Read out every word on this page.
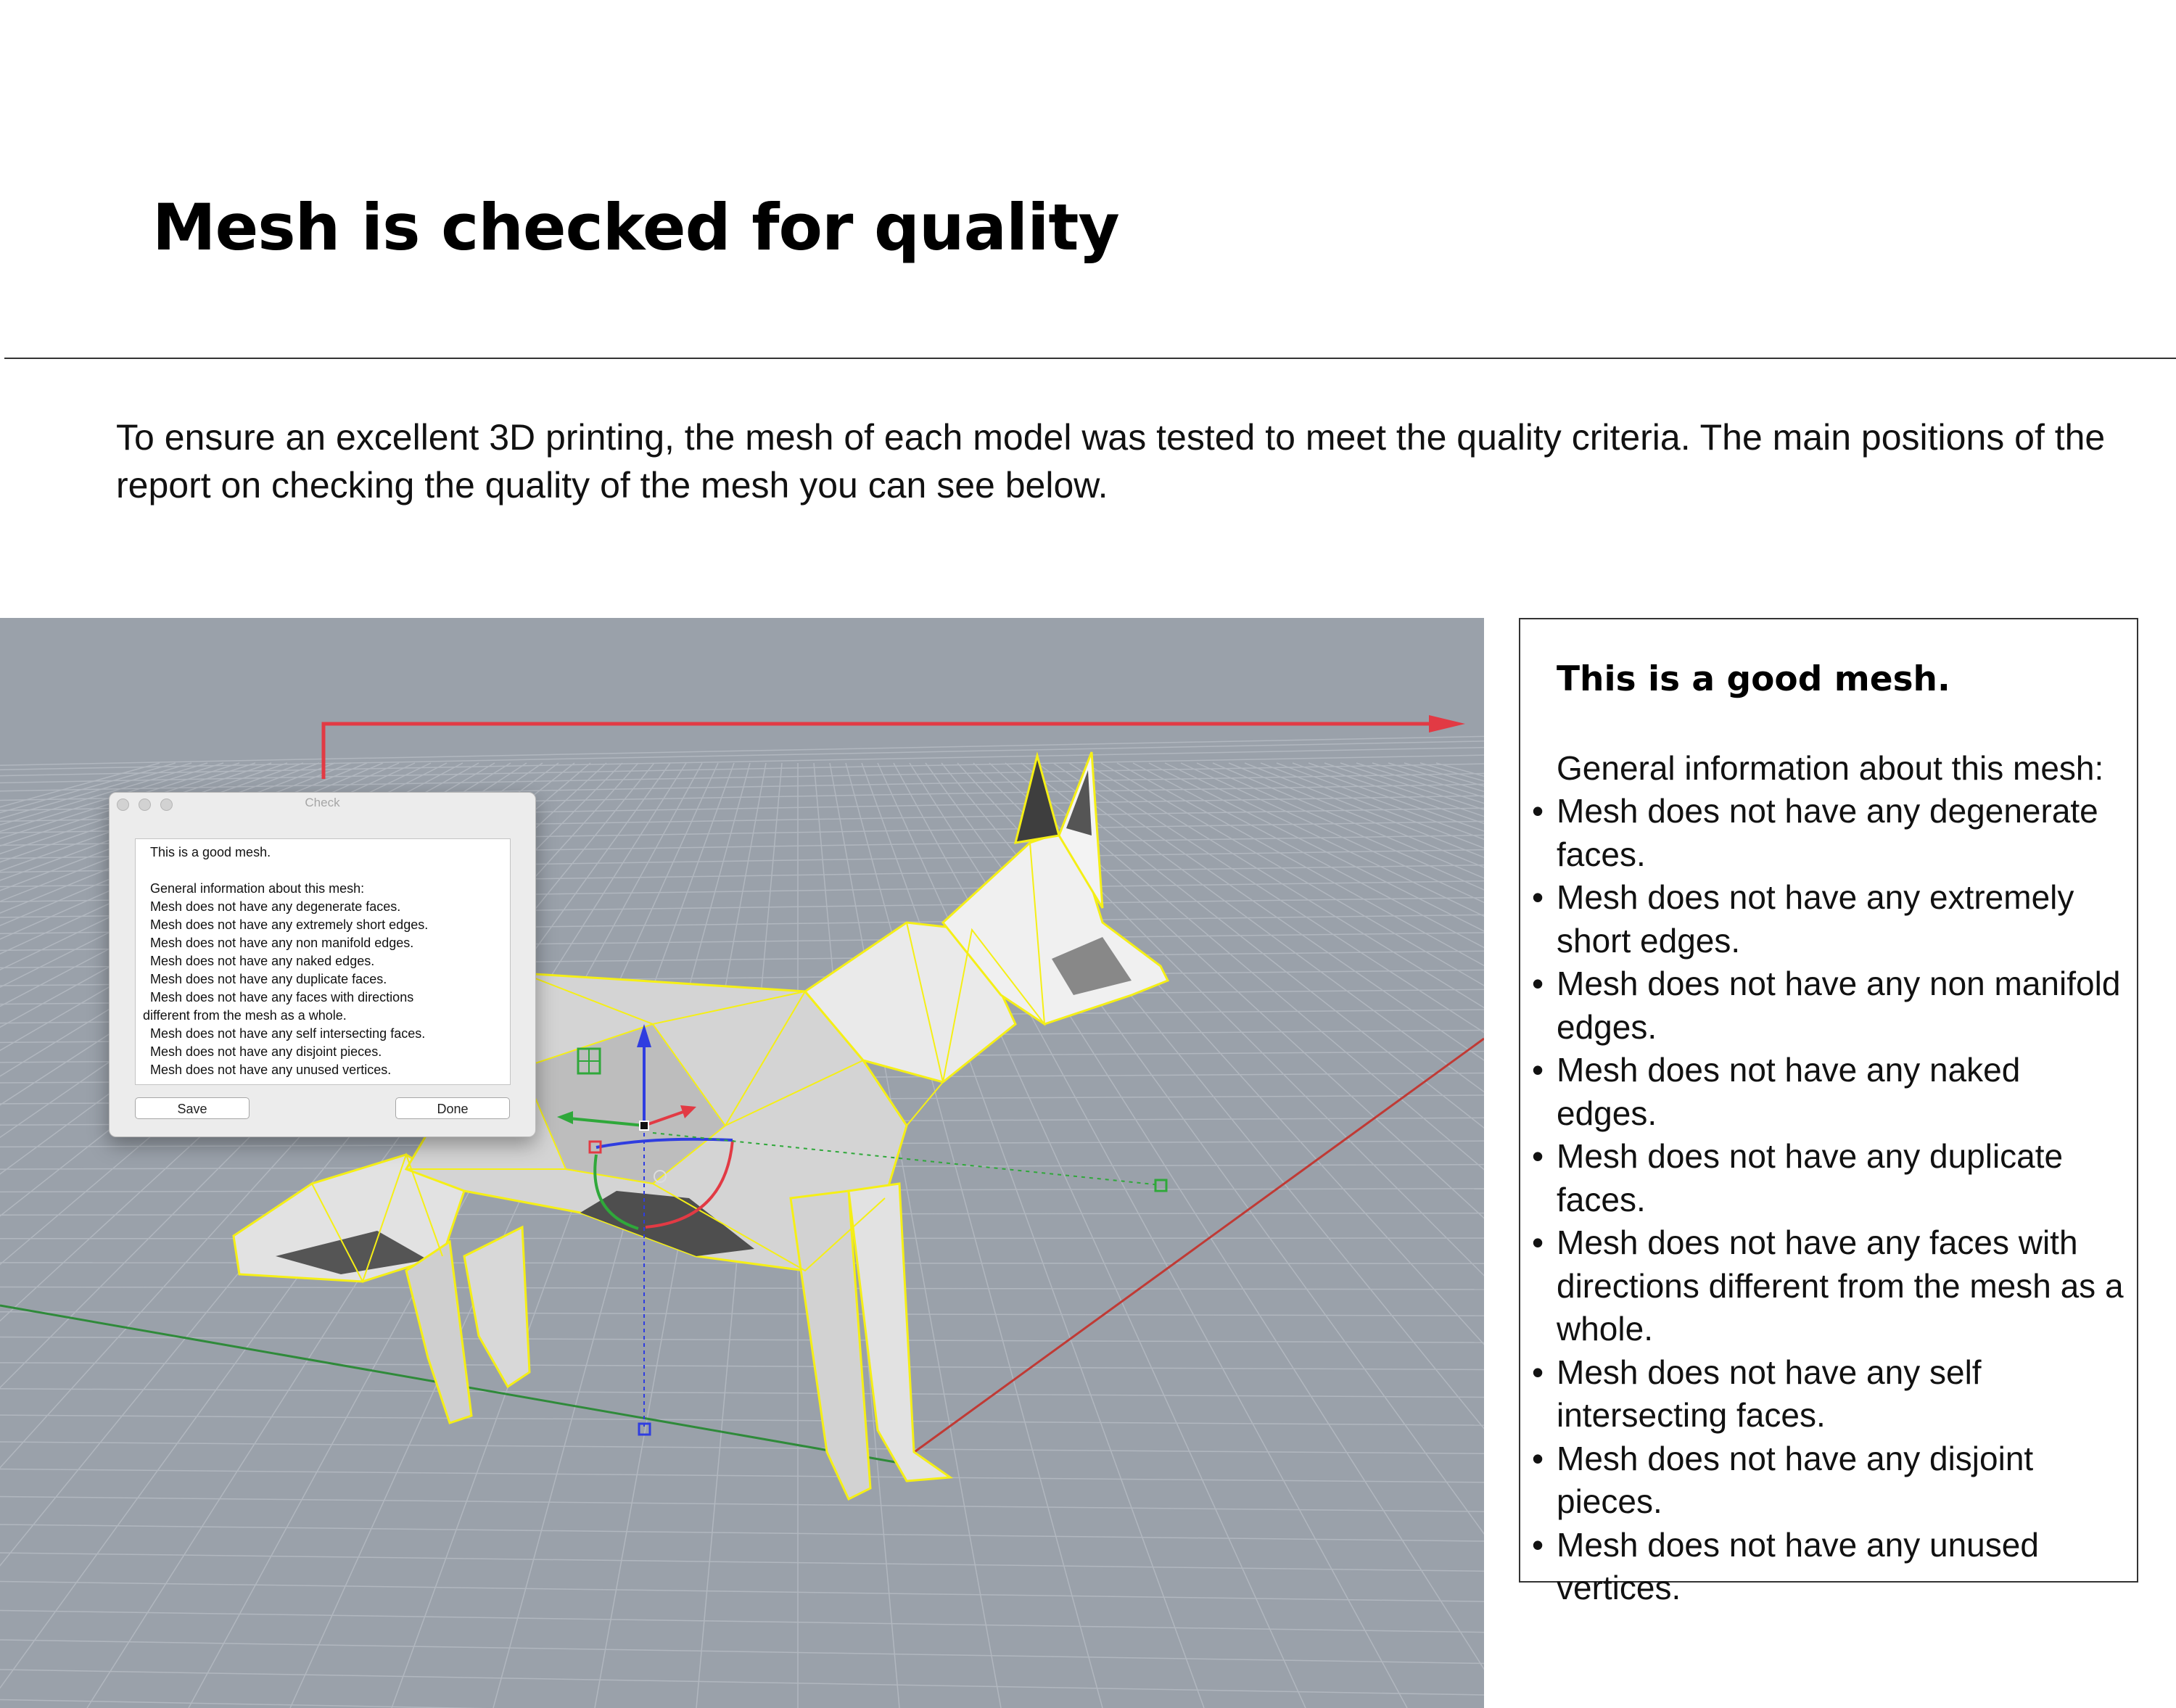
Mesh is checked for quality

To ensure an excellent 3D printing, the mesh of each model was tested to meet the quality criteria. The main positions of the report on checking the quality of the mesh you can see below.

Check
This is a good mesh.
General information about this mesh:
Mesh does not have any degenerate faces.
Mesh does not have any extremely short edges.
Mesh does not have any non manifold edges.
Mesh does not have any naked edges.
Mesh does not have any duplicate faces.
Mesh does not have any faces with directions
different from the mesh as a whole.
Mesh does not have any self intersecting faces.
Mesh does not have any disjoint pieces.
Mesh does not have any unused vertices.
Save	Done
This is a good mesh.
General information about this mesh:
• Mesh does not have any degenerate faces.
• Mesh does not have any extremely short edges.
• Mesh does not have any non manifold edges.
• Mesh does not have any naked edges.
• Mesh does not have any duplicate faces.
• Mesh does not have any faces with directions different from the mesh as a whole.
• Mesh does not have any self intersecting faces.
• Mesh does not have any disjoint pieces.
• Mesh does not have any unused vertices.
